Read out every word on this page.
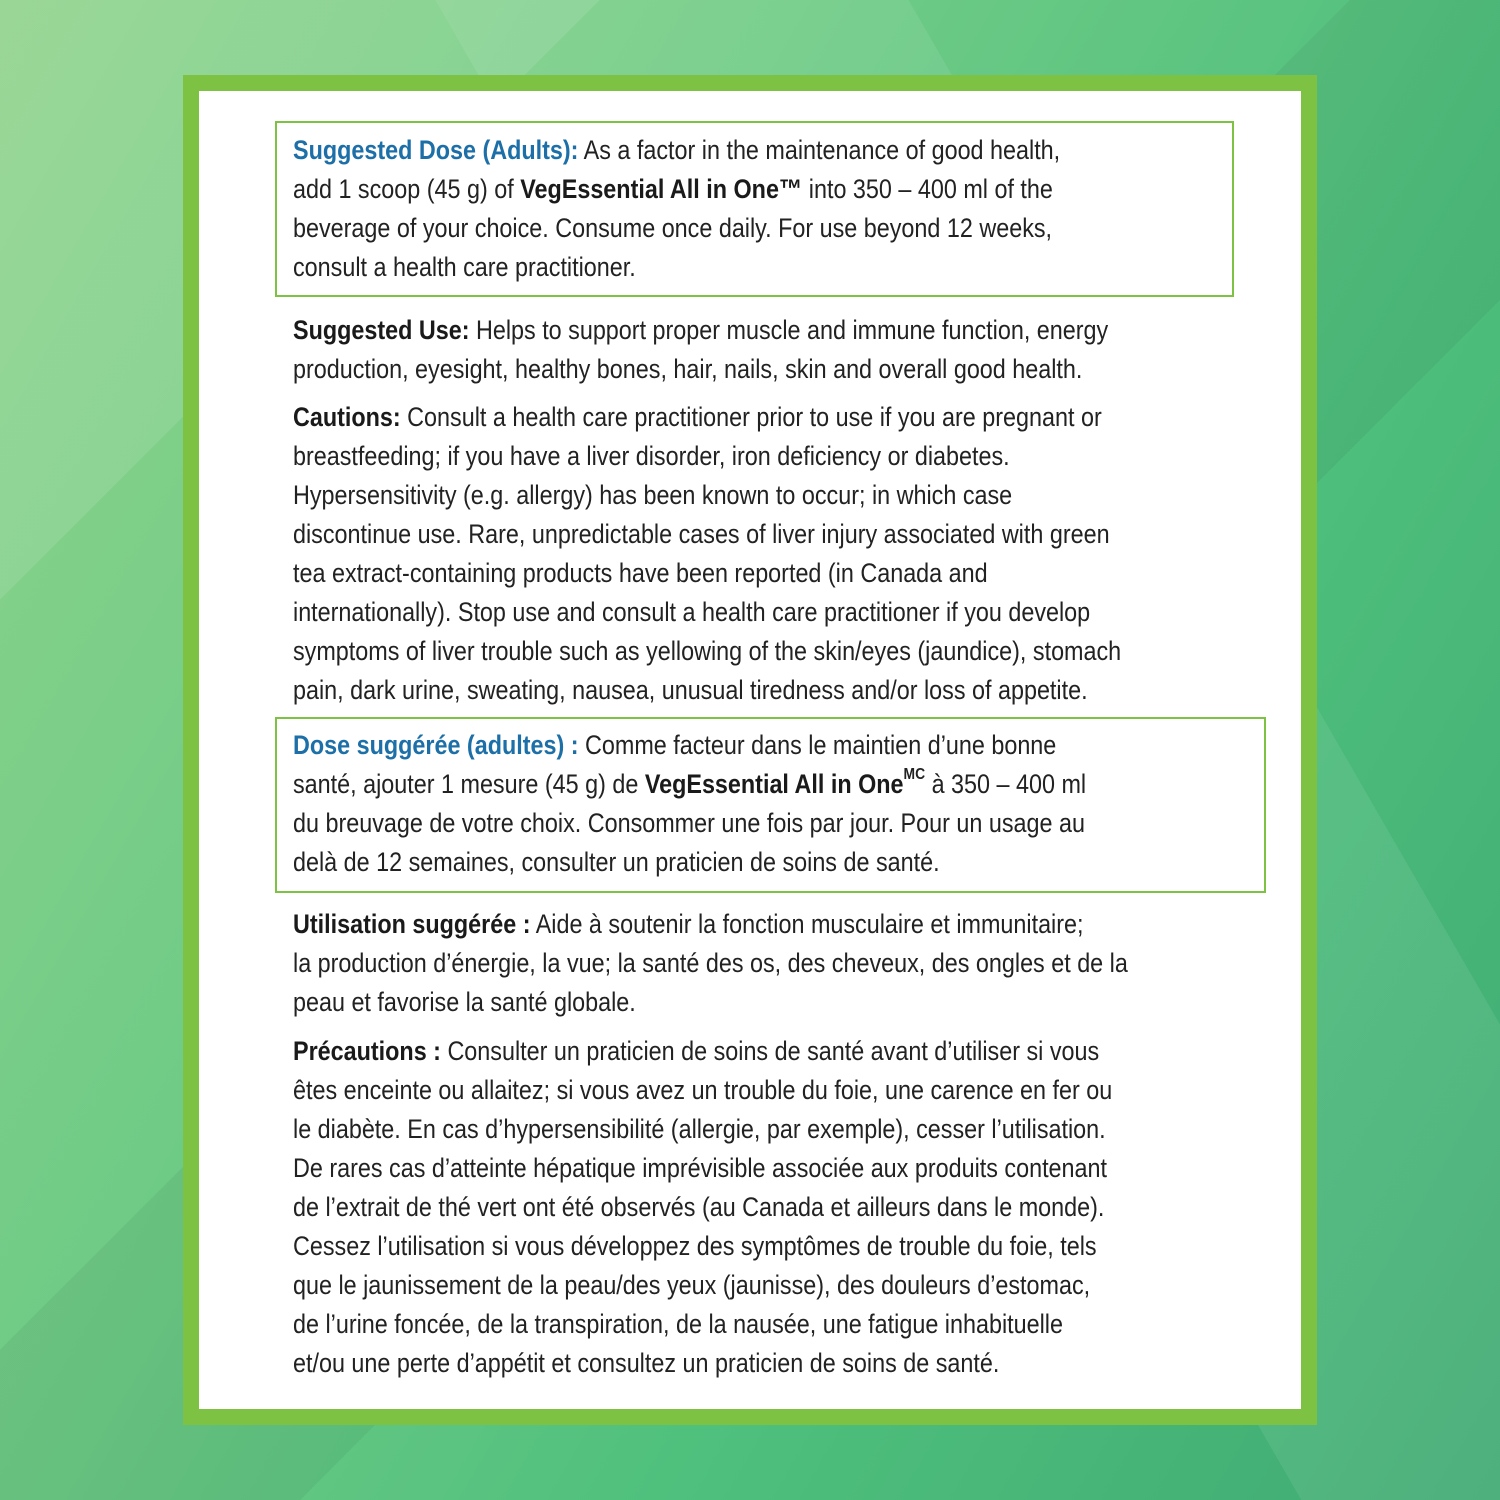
Suggested Dose (Adults): As a factor in the maintenance of good health,
add 1 scoop (45 g) of VegEssential All in One™ into 350 – 400 ml of the
beverage of your choice. Consume once daily. For use beyond 12 weeks,
consult a health care practitioner.
Suggested Use: Helps to support proper muscle and immune function, energy
production, eyesight, healthy bones, hair, nails, skin and overall good health.
Cautions: Consult a health care practitioner prior to use if you are pregnant or
breastfeeding; if you have a liver disorder, iron deficiency or diabetes.
Hypersensitivity (e.g. allergy) has been known to occur; in which case
discontinue use. Rare, unpredictable cases of liver injury associated with green
tea extract-containing products have been reported (in Canada and
internationally). Stop use and consult a health care practitioner if you develop
symptoms of liver trouble such as yellowing of the skin/eyes (jaundice), stomach
pain, dark urine, sweating, nausea, unusual tiredness and/or loss of appetite.
Dose suggérée (adultes) : Comme facteur dans le maintien d’une bonne
santé, ajouter 1 mesure (45 g) de VegEssential All in One$^{MC}$ à 350 – 400 ml
du breuvage de votre choix. Consommer une fois par jour. Pour un usage au
delà de 12 semaines, consulter un praticien de soins de santé.
Utilisation suggérée : Aide à soutenir la fonction musculaire et immunitaire;
la production d’énergie, la vue; la santé des os, des cheveux, des ongles et de la
peau et favorise la santé globale.
Précautions : Consulter un praticien de soins de santé avant d’utiliser si vous
êtes enceinte ou allaitez; si vous avez un trouble du foie, une carence en fer ou
le diabète. En cas d’hypersensibilité (allergie, par exemple), cesser l’utilisation.
De rares cas d’atteinte hépatique imprévisible associée aux produits contenant
de l’extrait de thé vert ont été observés (au Canada et ailleurs dans le monde).
Cessez l’utilisation si vous développez des symptômes de trouble du foie, tels
que le jaunissement de la peau/des yeux (jaunisse), des douleurs d’estomac,
de l’urine foncée, de la transpiration, de la nausée, une fatigue inhabituelle
et/ou une perte d’appétit et consultez un praticien de soins de santé.
